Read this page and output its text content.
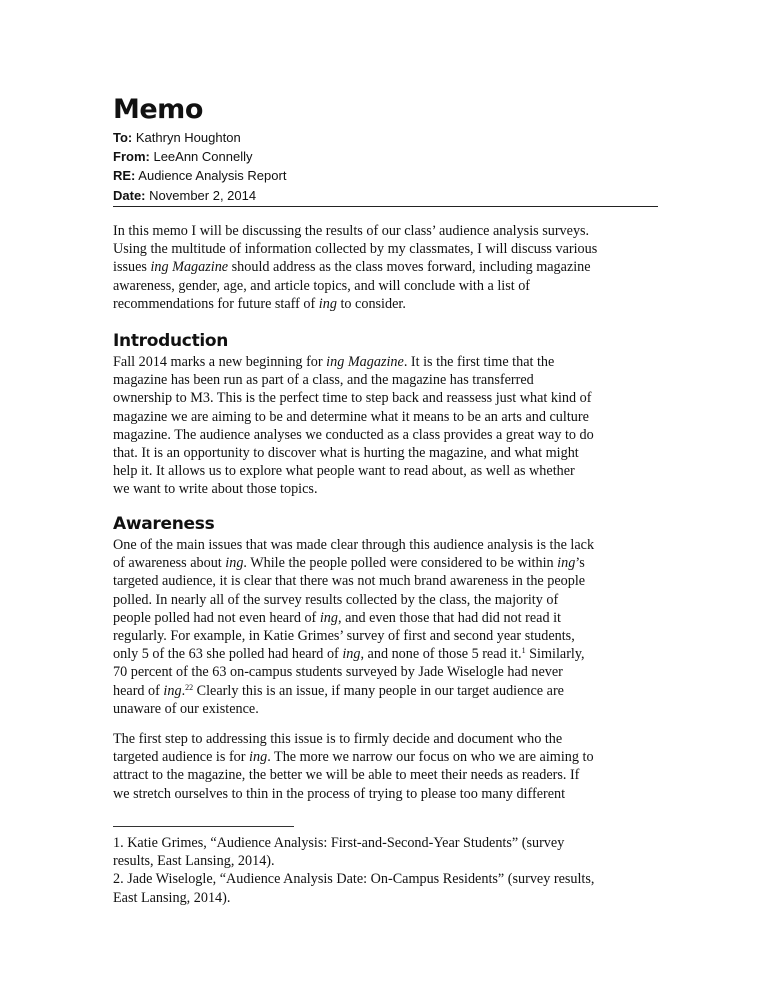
Memo
To: Kathryn Houghton
From: LeeAnn Connelly
RE: Audience Analysis Report
Date: November 2, 2014
In this memo I will be discussing the results of our class’ audience analysis surveys.
Using the multitude of information collected by my classmates, I will discuss various
issues ing Magazine should address as the class moves forward, including magazine
awareness, gender, age, and article topics, and will conclude with a list of
recommendations for future staff of ing to consider.
Introduction
Fall 2014 marks a new beginning for ing Magazine. It is the first time that the
magazine has been run as part of a class, and the magazine has transferred
ownership to M3. This is the perfect time to step back and reassess just what kind of
magazine we are aiming to be and determine what it means to be an arts and culture
magazine. The audience analyses we conducted as a class provides a great way to do
that. It is an opportunity to discover what is hurting the magazine, and what might
help it. It allows us to explore what people want to read about, as well as whether
we want to write about those topics.
Awareness
One of the main issues that was made clear through this audience analysis is the lack
of awareness about ing. While the people polled were considered to be within ing’s
targeted audience, it is clear that there was not much brand awareness in the people
polled. In nearly all of the survey results collected by the class, the majority of
people polled had not even heard of ing, and even those that had did not read it
regularly. For example, in Katie Grimes’ survey of first and second year students,
only 5 of the 63 she polled had heard of ing, and none of those 5 read it.$^1$ Similarly,
70 percent of the 63 on-campus students surveyed by Jade Wiselogle had never
heard of ing.$^{22}$ Clearly this is an issue, if many people in our target audience are
unaware of our existence.
The first step to addressing this issue is to firmly decide and document who the
targeted audience is for ing. The more we narrow our focus on who we are aiming to
attract to the magazine, the better we will be able to meet their needs as readers. If
we stretch ourselves to thin in the process of trying to please too many different
1. Katie Grimes, “Audience Analysis: First-and-Second-Year Students” (survey
results, East Lansing, 2014).
2. Jade Wiselogle, “Audience Analysis Date: On-Campus Residents” (survey results,
East Lansing, 2014).
